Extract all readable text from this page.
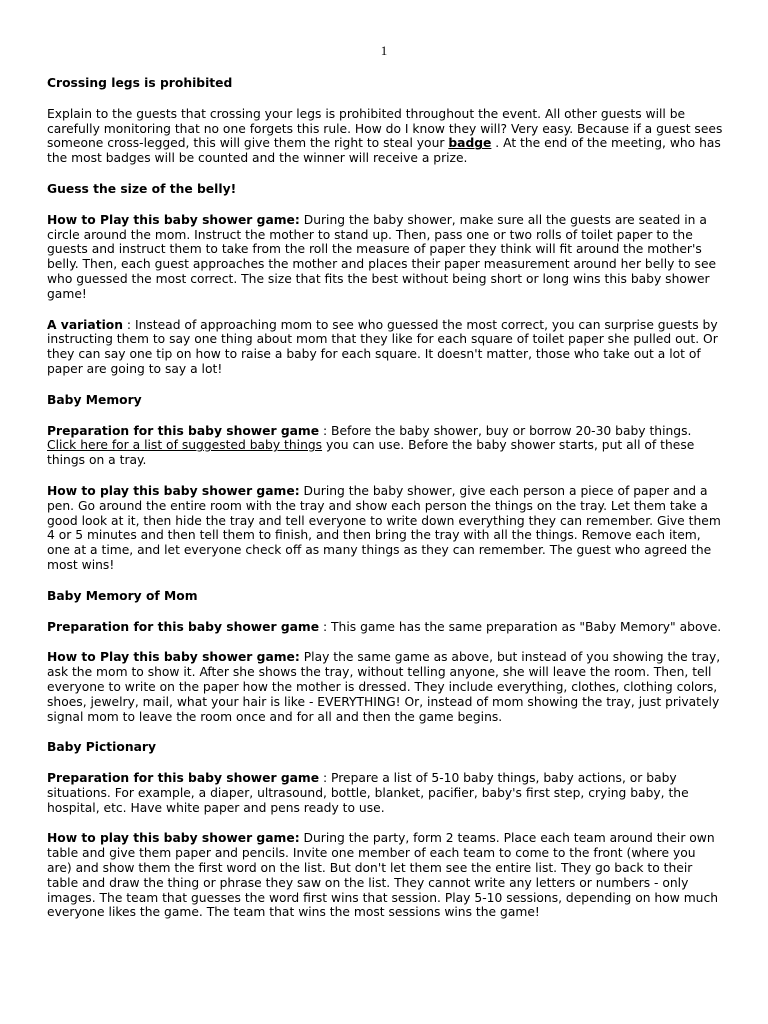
1
Crossing legs is prohibited

Explain to the guests that crossing your legs is prohibited throughout the event. All other guests will be carefully monitoring that no one forgets this rule. How do I know they will? Very easy. Because if a guest sees someone cross-legged, this will give them the right to steal your badge . At the end of the meeting, who has the most badges will be counted and the winner will receive a prize.

Guess the size of the belly!

How to Play this baby shower game: During the baby shower, make sure all the guests are seated in a circle around the mom. Instruct the mother to stand up. Then, pass one or two rolls of toilet paper to the guests and instruct them to take from the roll the measure of paper they think will fit around the mother's belly. Then, each guest approaches the mother and places their paper measurement around her belly to see who guessed the most correct. The size that fits the best without being short or long wins this baby shower game!

A variation : Instead of approaching mom to see who guessed the most correct, you can surprise guests by instructing them to say one thing about mom that they like for each square of toilet paper she pulled out. Or they can say one tip on how to raise a baby for each square. It doesn't matter, those who take out a lot of paper are going to say a lot!

Baby Memory

Preparation for this baby shower game : Before the baby shower, buy or borrow 20-30 baby things. Click here for a list of suggested baby things you can use. Before the baby shower starts, put all of these things on a tray.

How to play this baby shower game: During the baby shower, give each person a piece of paper and a pen. Go around the entire room with the tray and show each person the things on the tray. Let them take a good look at it, then hide the tray and tell everyone to write down everything they can remember. Give them 4 or 5 minutes and then tell them to finish, and then bring the tray with all the things. Remove each item, one at a time, and let everyone check off as many things as they can remember. The guest who agreed the most wins!

Baby Memory of Mom

Preparation for this baby shower game : This game has the same preparation as "Baby Memory" above.

How to Play this baby shower game: Play the same game as above, but instead of you showing the tray, ask the mom to show it. After she shows the tray, without telling anyone, she will leave the room. Then, tell everyone to write on the paper how the mother is dressed. They include everything, clothes, clothing colors, shoes, jewelry, mail, what your hair is like - EVERYTHING! Or, instead of mom showing the tray, just privately signal mom to leave the room once and for all and then the game begins.

Baby Pictionary

Preparation for this baby shower game : Prepare a list of 5-10 baby things, baby actions, or baby situations. For example, a diaper, ultrasound, bottle, blanket, pacifier, baby's first step, crying baby, the hospital, etc. Have white paper and pens ready to use.

How to play this baby shower game: During the party, form 2 teams. Place each team around their own table and give them paper and pencils. Invite one member of each team to come to the front (where you are) and show them the first word on the list. But don't let them see the entire list. They go back to their table and draw the thing or phrase they saw on the list. They cannot write any letters or numbers - only images. The team that guesses the word first wins that session. Play 5-10 sessions, depending on how much everyone likes the game. The team that wins the most sessions wins the game!
